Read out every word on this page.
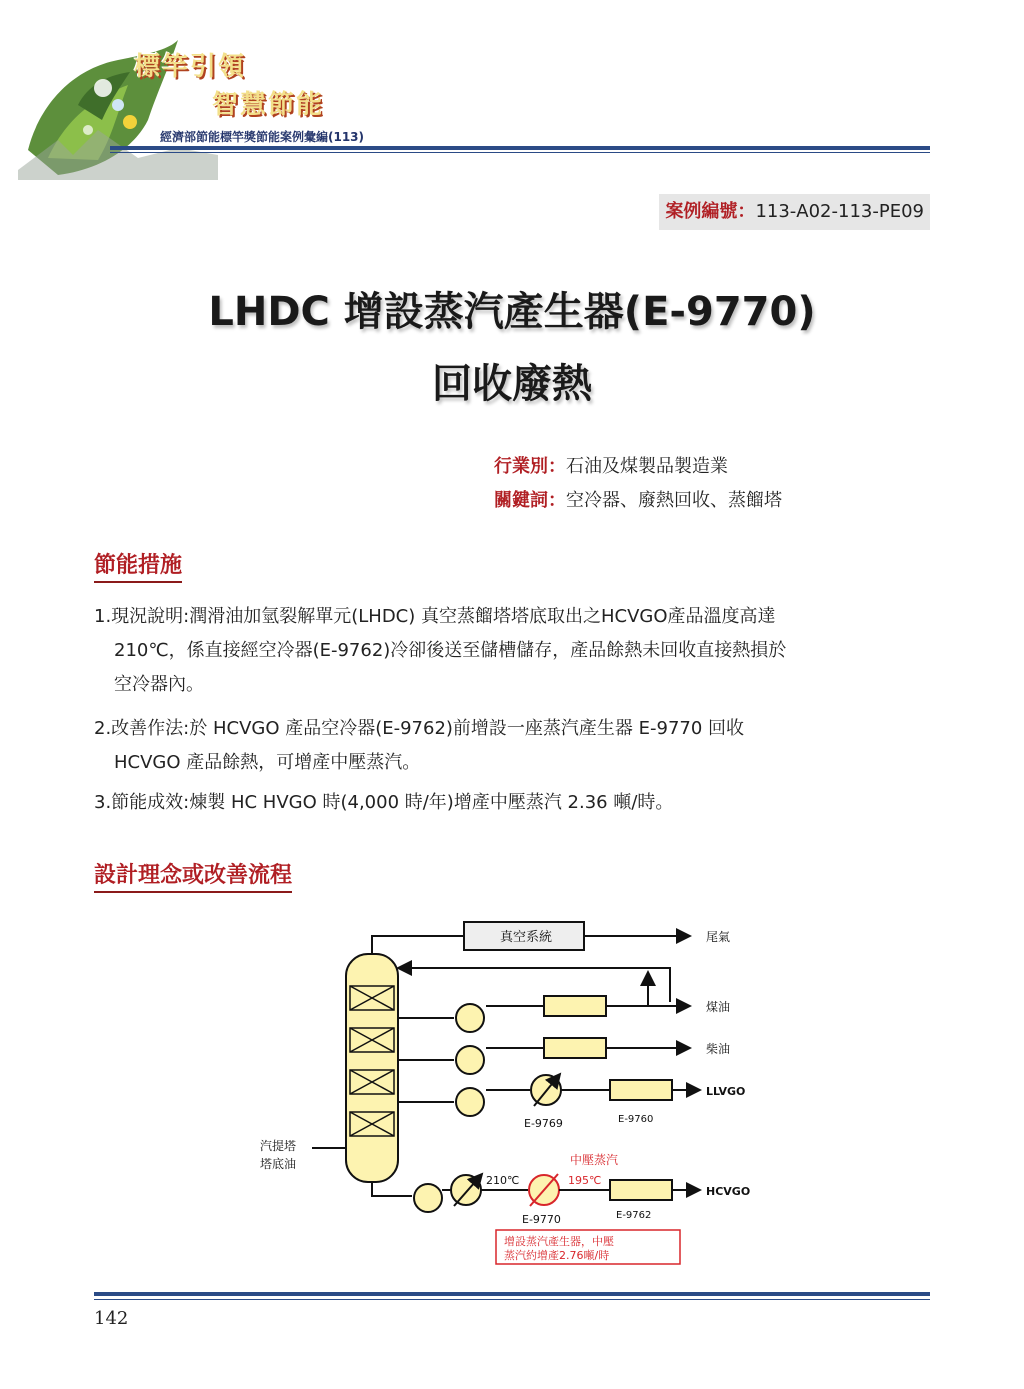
標竿引領
智慧節能
經濟部節能標竿獎節能案例彙編(113)
案例編號：113-A02-113-PE09
LHDC 增設蒸汽產生器(E-9770)
回收廢熱
行業別：石油及煤製品製造業
關鍵詞：空冷器、廢熱回收、蒸餾塔
節能措施
1.現況說明:潤滑油加氫裂解單元(LHDC) 真空蒸餾塔塔底取出之HCVGO產品溫度高達
210℃，係直接經空冷器(E-9762)冷卻後送至儲槽儲存，產品餘熱未回收直接熱損於
空冷器內。
2.改善作法:於 HCVGO 產品空冷器(E-9762)前增設一座蒸汽產生器 E-9770 回收
HCVGO 產品餘熱，可增產中壓蒸汽。
3.節能成效:煉製 HC HVGO 時(4,000 時/年)增產中壓蒸汽 2.36 噸/時。
設計理念或改善流程
真空系統	尾氣
煤油
柴油
LLVGO
HCVGO
E-9769	E-9760
E-9770	E-9762
汽提塔
塔底油
210℃	195℃
中壓蒸汽
增設蒸汽產生器，中壓
蒸汽約增產2.76噸/時
142
